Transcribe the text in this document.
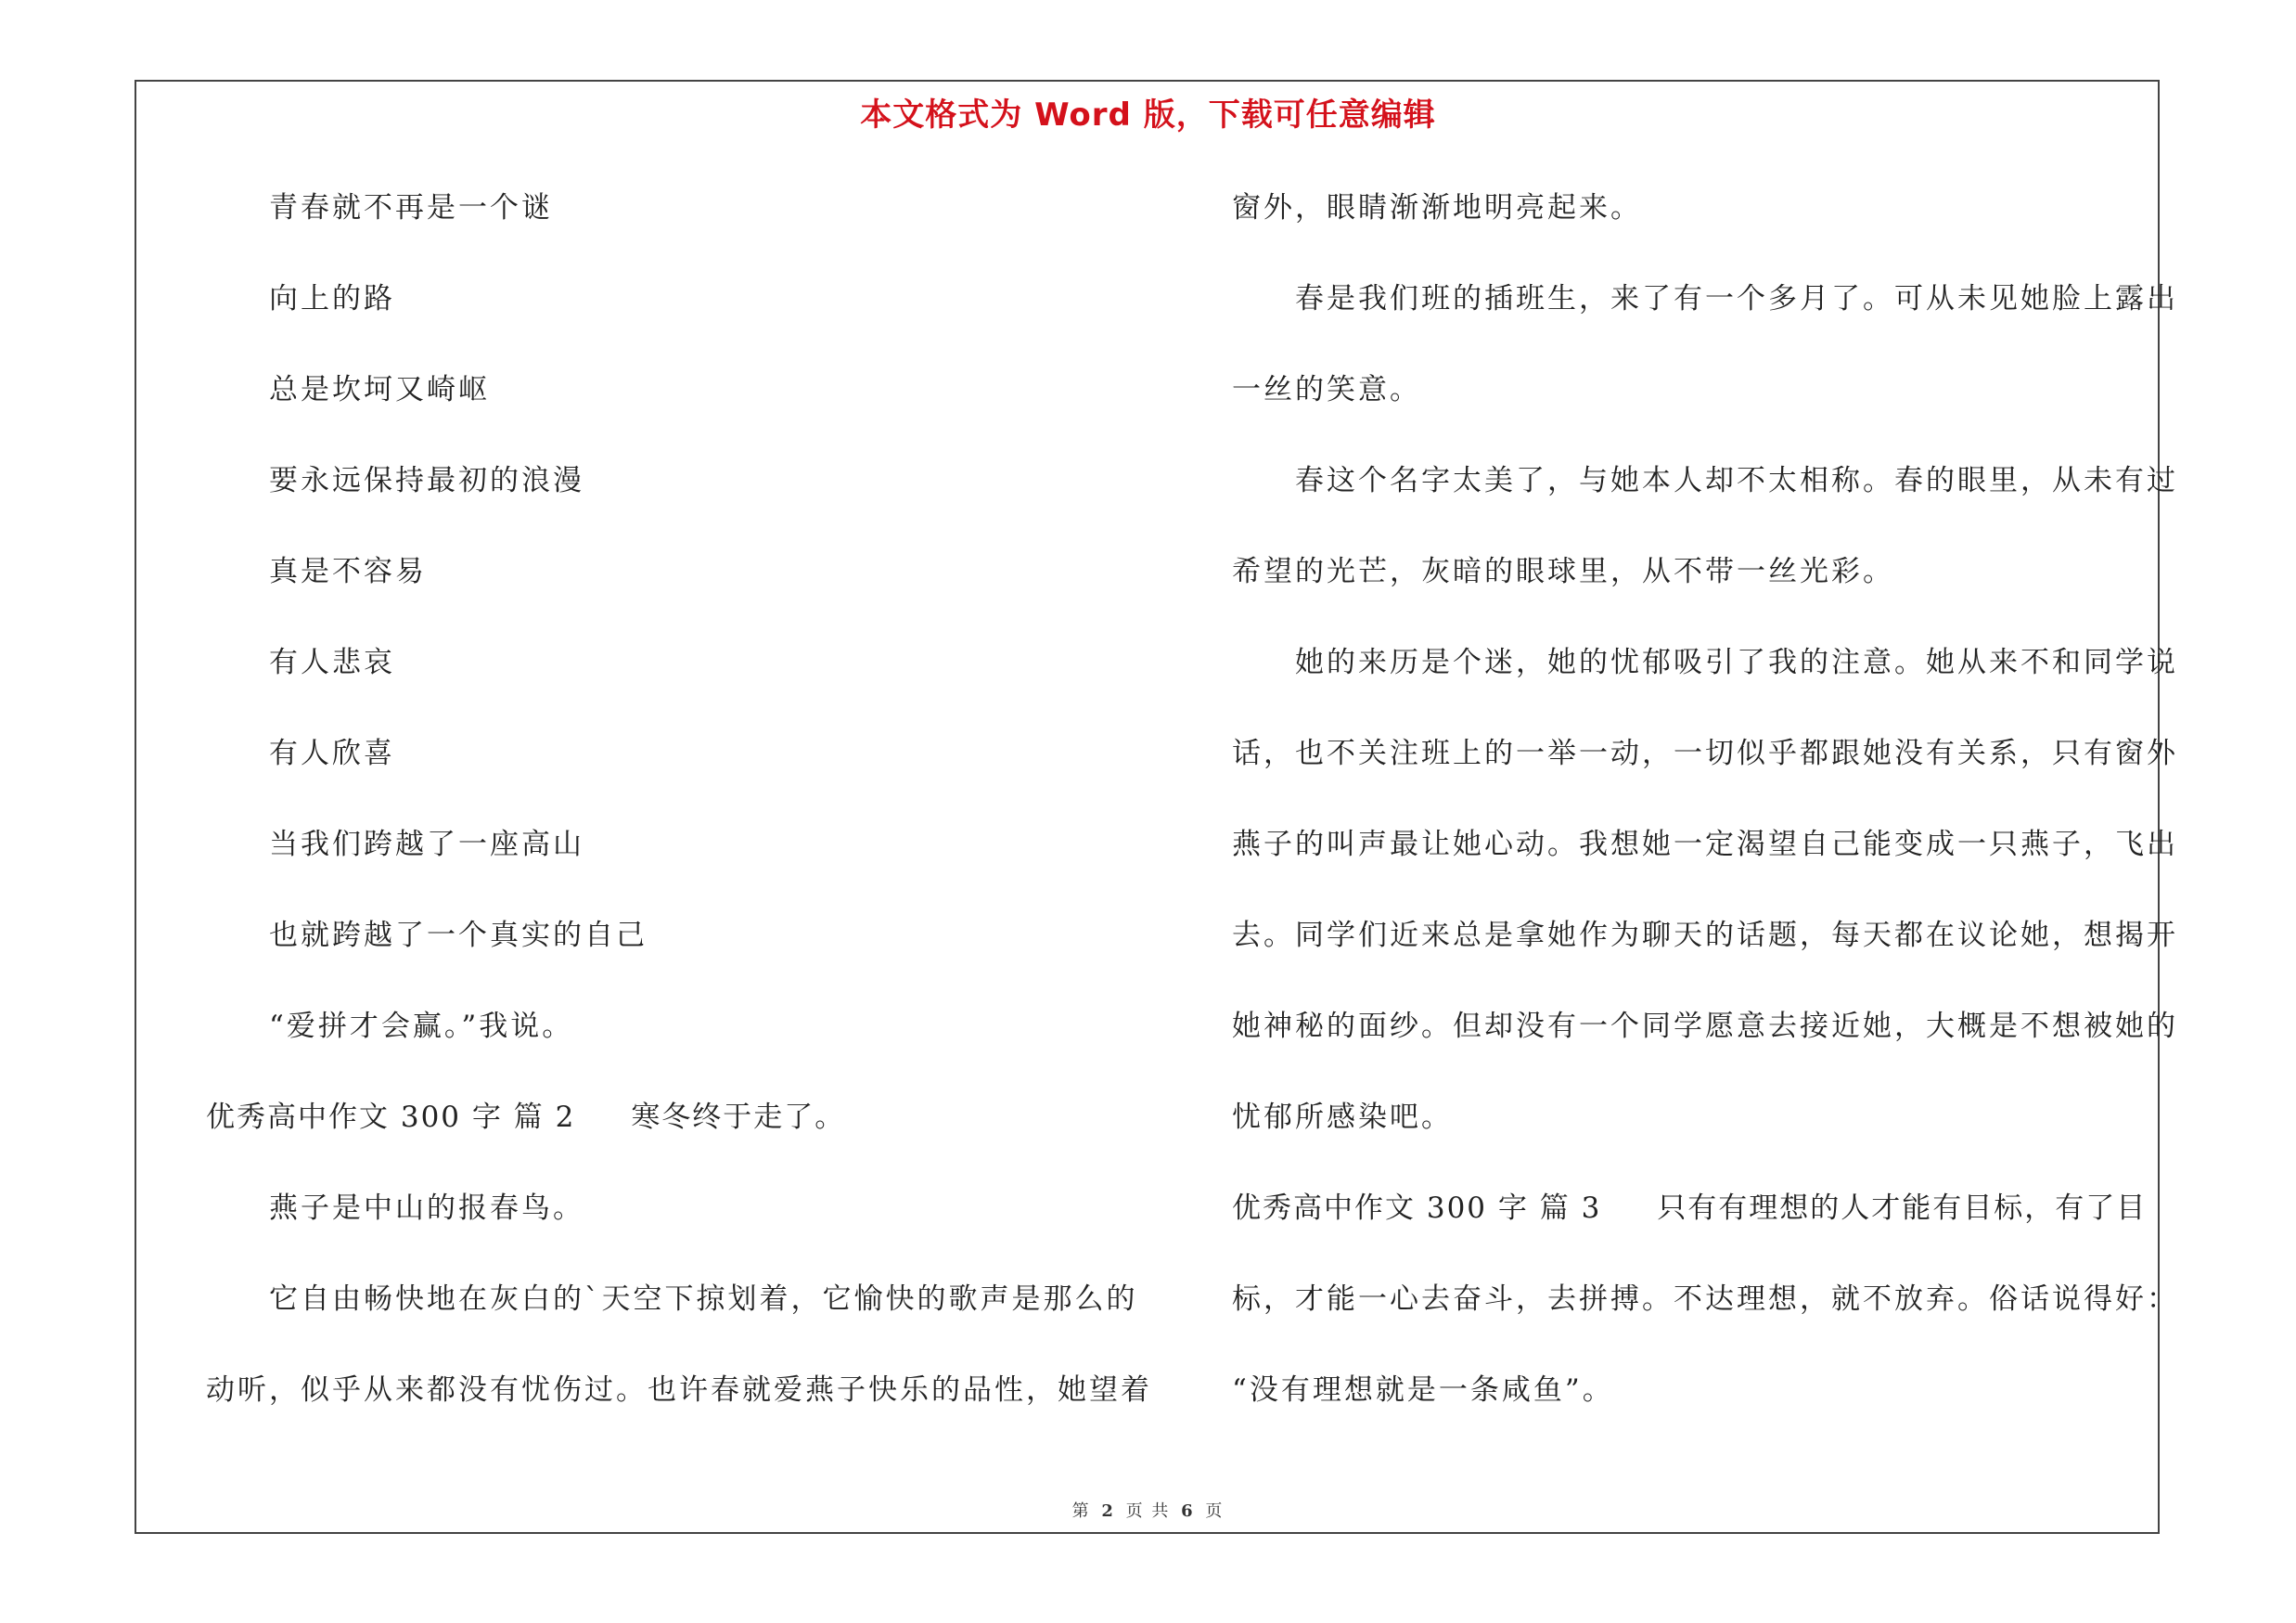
本文格式为 Word 版，下载可任意编辑
青春就不再是一个谜
向上的路
总是坎坷又崎岖
要永远保持最初的浪漫
真是不容易
有人悲哀
有人欣喜
当我们跨越了一座高山
也就跨越了一个真实的自己
“爱拼才会赢。”我说。
优秀高中作文 300 字 篇 2 寒冬终于走了。
燕子是中山的报春鸟。
它自由畅快地在灰白的`天空下掠划着，它愉快的歌声是那么的
动听，似乎从来都没有忧伤过。也许春就爱燕子快乐的品性，她望着
窗外，眼睛渐渐地明亮起来。
春是我们班的插班生，来了有一个多月了。可从未见她脸上露出
一丝的笑意。
春这个名字太美了，与她本人却不太相称。春的眼里，从未有过
希望的光芒，灰暗的眼球里，从不带一丝光彩。
她的来历是个迷，她的忧郁吸引了我的注意。她从来不和同学说
话，也不关注班上的一举一动，一切似乎都跟她没有关系，只有窗外
燕子的叫声最让她心动。我想她一定渴望自己能变成一只燕子，飞出
去。同学们近来总是拿她作为聊天的话题，每天都在议论她，想揭开
她神秘的面纱。但却没有一个同学愿意去接近她，大概是不想被她的
忧郁所感染吧。
优秀高中作文 300 字 篇 3 只有有理想的人才能有目标，有了目
标，才能一心去奋斗，去拼搏。不达理想，就不放弃。俗话说得好：
“没有理想就是一条咸鱼”。
第 2 页 共 6 页
